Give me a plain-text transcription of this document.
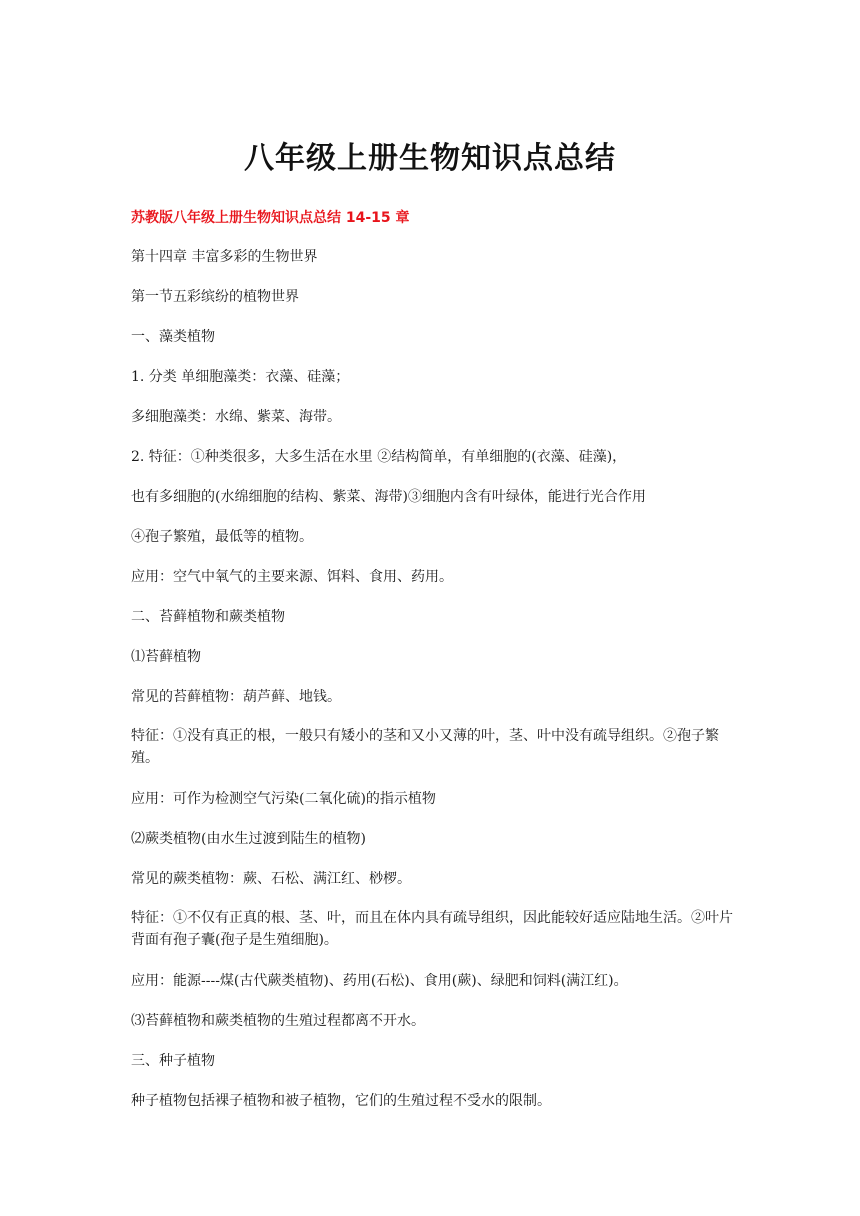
八年级上册生物知识点总结
苏教版八年级上册生物知识点总结 14-15 章
第十四章 丰富多彩的生物世界
第一节五彩缤纷的植物世界
一、藻类植物
1. 分类 单细胞藻类：衣藻、硅藻；
多细胞藻类：水绵、紫菜、海带。
2. 特征：①种类很多，大多生活在水里 ②结构简单，有单细胞的(衣藻、硅藻)，
也有多细胞的(水绵细胞的结构、紫菜、海带)③细胞内含有叶绿体，能进行光合作用
④孢子繁殖，最低等的植物。
应用：空气中氧气的主要来源、饵料、食用、药用。
二、苔藓植物和蕨类植物
⑴苔藓植物
常见的苔藓植物：葫芦藓、地钱。
特征：①没有真正的根，一般只有矮小的茎和又小又薄的叶，茎、叶中没有疏导组织。②孢子繁殖。
应用：可作为检测空气污染(二氧化硫)的指示植物
⑵蕨类植物(由水生过渡到陆生的植物)
常见的蕨类植物：蕨、石松、满江红、桫椤。
特征：①不仅有正真的根、茎、叶，而且在体内具有疏导组织，因此能较好适应陆地生活。②叶片背面有孢子囊(孢子是生殖细胞)。
应用：能源----煤(古代蕨类植物)、药用(石松)、食用(蕨)、绿肥和饲料(满江红)。
⑶苔藓植物和蕨类植物的生殖过程都离不开水。
三、种子植物
种子植物包括裸子植物和被子植物，它们的生殖过程不受水的限制。
